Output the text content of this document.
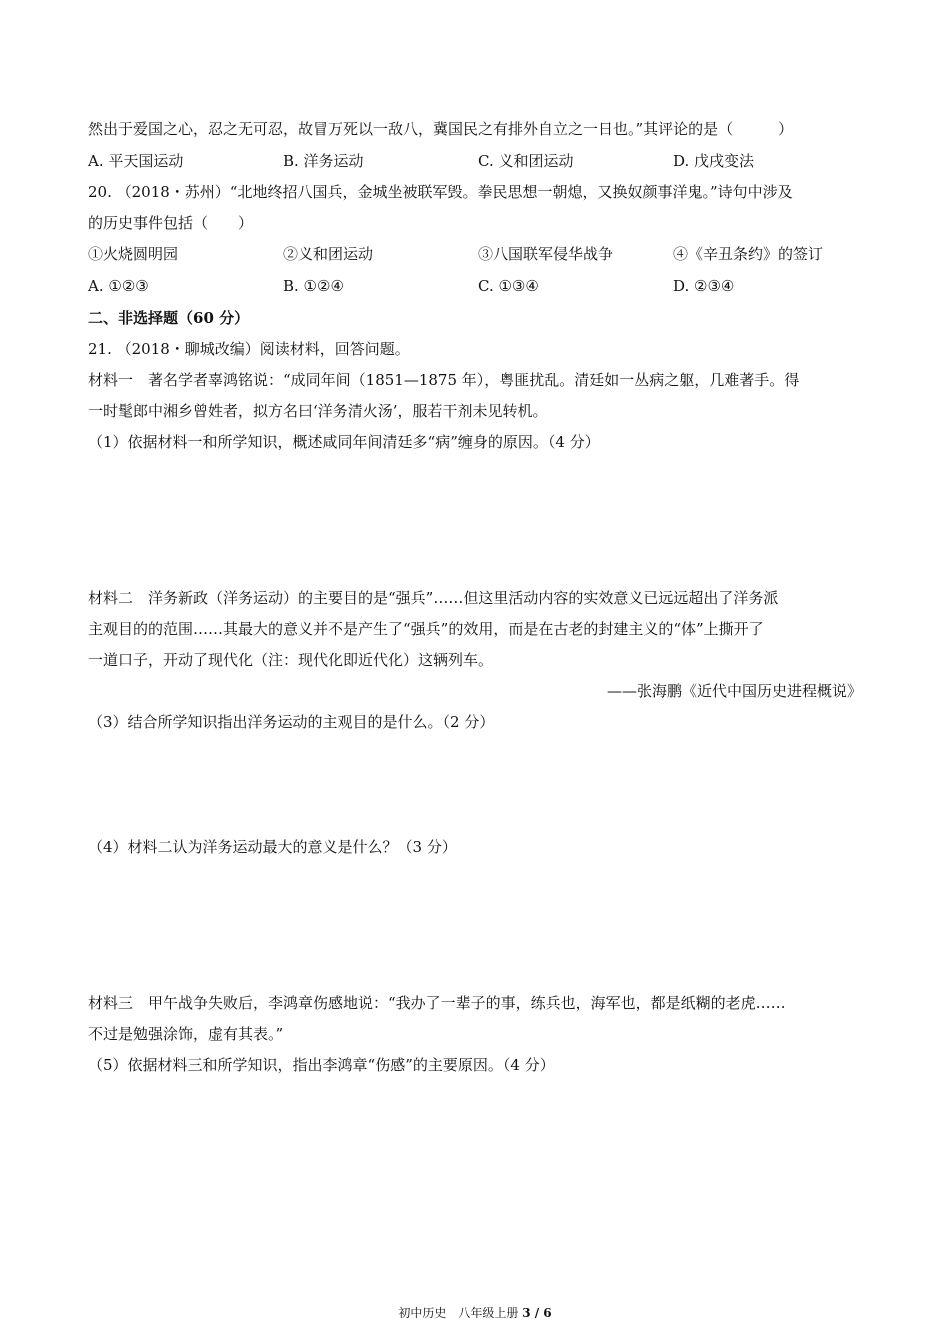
然出于爱国之心，忍之无可忍，故冒万死以一敌八，冀国民之有排外自立之一日也。”其评论的是（　　　）
A. 平天国运动	B. 洋务运动	C. 义和团运动	D. 戊戌变法
20. （2018・苏州）“北地终招八国兵，金城坐被联军毁。拳民思想一朝熄，又换奴颜事洋鬼。”诗句中涉及
的历史事件包括（　　）
①火烧圆明园	②义和团运动	③八国联军侵华战争	④《辛丑条约》的签订
A. ①②③	B. ①②④	C. ①③④	D. ②③④
二、非选择题（60 分）
21. （2018・聊城改编）阅读材料，回答问题。
材料一　著名学者辜鸿铭说：“成同年间（1851—1875 年），粤匪扰乱。清廷如一丛病之躯，几难著手。得
一时髦郎中湘乡曾姓者，拟方名曰‘洋务清火汤’，服若干剂未见转机。
（1）依据材料一和所学知识，概述咸同年间清廷多“病”缠身的原因。（4 分）
材料二　洋务新政（洋务运动）的主要目的是“强兵”……但这里活动内容的实效意义已远远超出了洋务派
主观目的的范围……其最大的意义并不是产生了“强兵”的效用，而是在古老的封建主义的“体”上撕开了
一道口子，开动了现代化（注：现代化即近代化）这辆列车。
——张海鹏《近代中国历史进程概说》
（3）结合所学知识指出洋务运动的主观目的是什么。（2 分）
（4）材料二认为洋务运动最大的意义是什么？（3 分）
材料三　甲午战争失败后，李鸿章伤感地说：“我办了一辈子的事，练兵也，海军也，都是纸糊的老虎……
不过是勉强涂饰，虚有其表。”
（5）依据材料三和所学知识，指出李鸿章“伤感”的主要原因。（4 分）
初中历史　八年级上册 3 / 6
